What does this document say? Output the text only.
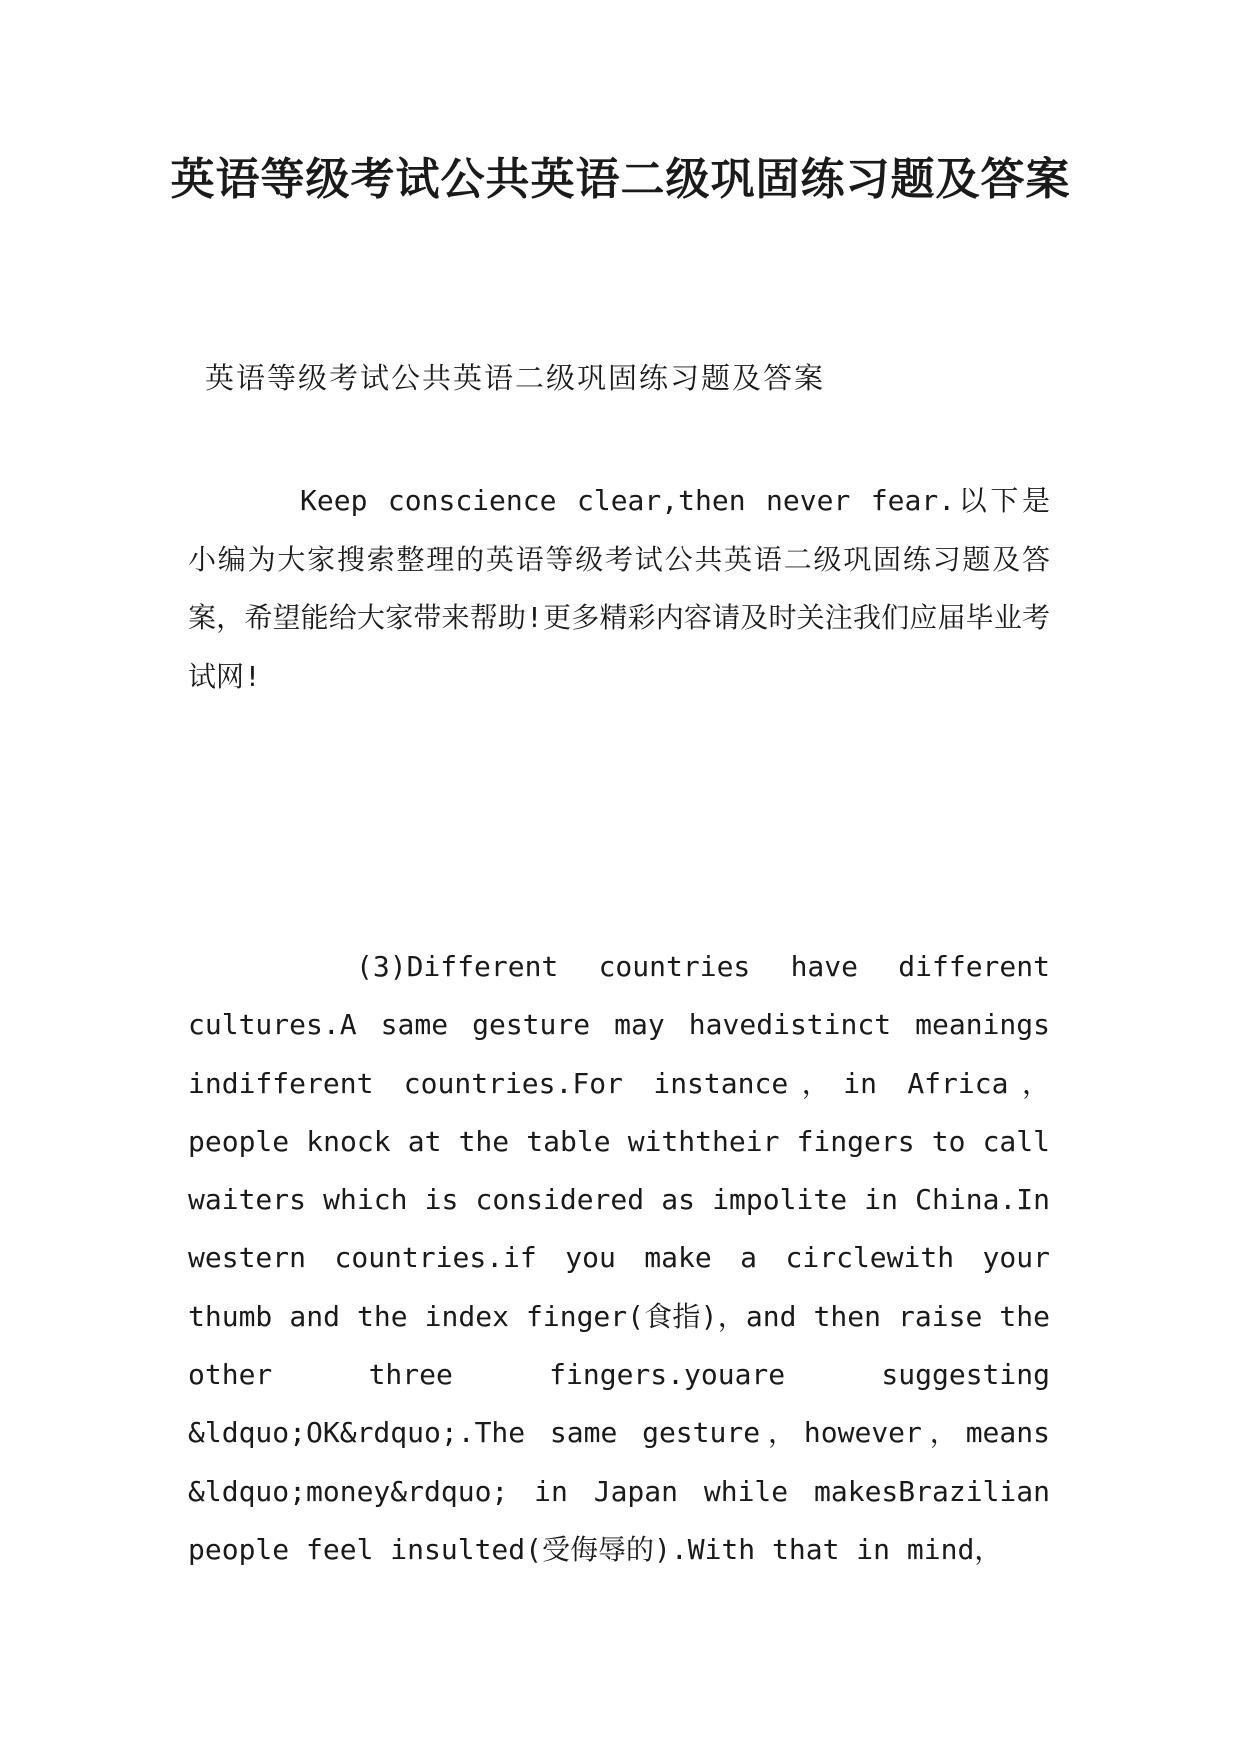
英语等级考试公共英语二级巩固练习题及答案
英语等级考试公共英语二级巩固练习题及答案

Keep conscience clear,then never fear.以下是小编为大家搜索整理的英语等级考试公共英语二级巩固练习题及答案，希望能给大家带来帮助!更多精彩内容请及时关注我们应届毕业考试网!

(3)Different countries have different cultures.A same gesture may havedistinct meanings indifferent countries.For instance，in Africa，people knock at the table withtheir fingers to call waiters which is considered as impolite in China.In western countries.if you make a circlewith your thumb and the index finger(食指)，and then raise the other three fingers.youare suggesting &ldquo;OK&rdquo;.The same gesture，however，means &ldquo;money&rdquo; in Japan while makesBrazilian people feel insulted(受侮辱的).With that in mind，
